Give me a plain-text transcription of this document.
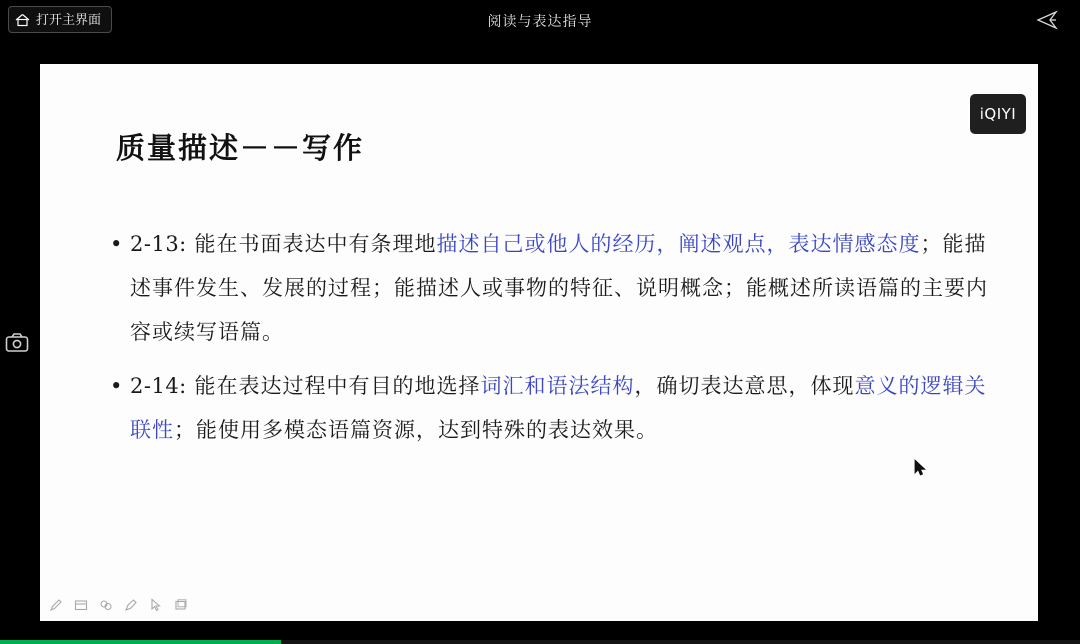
打开主界面	阅读与表达指导
iQIYI
质量描述－－写作
• 2-13: 能在书面表达中有条理地描述自己或他人的经历，阐述观点，表达情感态度；能描述事件发生、发展的过程；能描述人或事物的特征、说明概念；能概述所读语篇的主要内容或续写语篇。
• 2-14: 能在表达过程中有目的地选择词汇和语法结构，确切表达意思，体现意义的逻辑关联性；能使用多模态语篇资源，达到特殊的表达效果。
